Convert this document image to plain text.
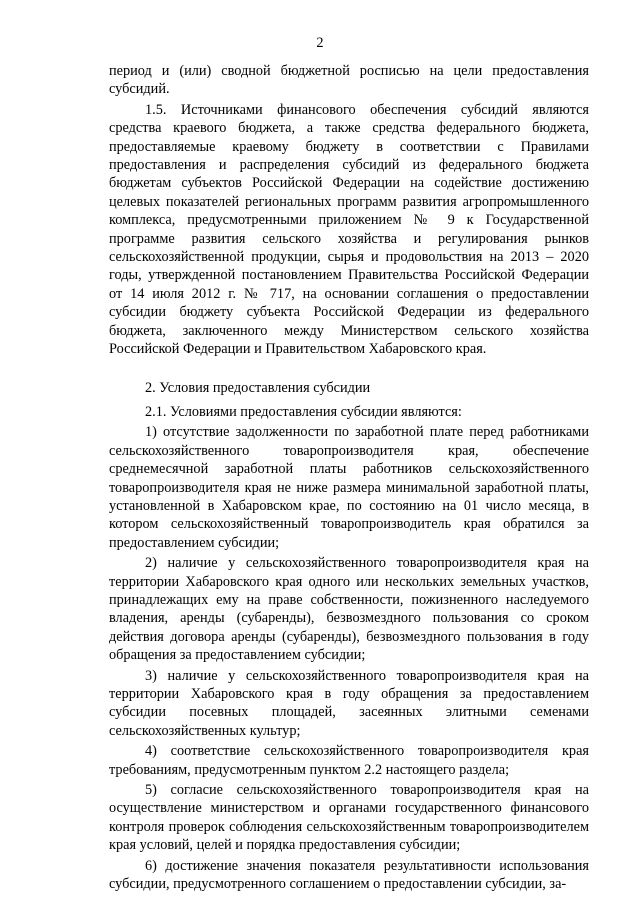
2

период и (или) сводной бюджетной росписью на цели предоставления субсидий.

1.5. Источниками финансового обеспечения субсидий являются средства краевого бюджета, а также средства федерального бюджета, предоставляемые краевому бюджету в соответствии с Правилами предоставления и распределения субсидий из федерального бюджета бюджетам субъектов Российской Федерации на содействие достижению целевых показателей региональных программ развития агропромышленного комплекса, предусмотренными приложением № 9 к Государственной программе развития сельского хозяйства и регулирования рынков сельскохозяйственной продукции, сырья и продовольствия на 2013 – 2020 годы, утвержденной постановлением Правительства Российской Федерации от 14 июля 2012 г. № 717, на основании соглашения о предоставлении субсидии бюджету субъекта Российской Федерации из федерального бюджета, заключенного между Министерством сельского хозяйства Российской Федерации и Правительством Хабаровского края.

2. Условия предоставления субсидии

2.1. Условиями предоставления субсидии являются:

1) отсутствие задолженности по заработной плате перед работниками сельскохозяйственного товаропроизводителя края, обеспечение среднемесячной заработной платы работников сельскохозяйственного товаропроизводителя края не ниже размера минимальной заработной платы, установленной в Хабаровском крае, по состоянию на 01 число месяца, в котором сельскохозяйственный товаропроизводитель края обратился за предоставлением субсидии;

2) наличие у сельскохозяйственного товаропроизводителя края на территории Хабаровского края одного или нескольких земельных участков, принадлежащих ему на праве собственности, пожизненного наследуемого владения, аренды (субаренды), безвозмездного пользования со сроком действия договора аренды (субаренды), безвозмездного пользования в году обращения за предоставлением субсидии;

3) наличие у сельскохозяйственного товаропроизводителя края на территории Хабаровского края в году обращения за предоставлением субсидии посевных площадей, засеянных элитными семенами сельскохозяйственных культур;

4) соответствие сельскохозяйственного товаропроизводителя края требованиям, предусмотренным пунктом 2.2 настоящего раздела;

5) согласие сельскохозяйственного товаропроизводителя края на осуществление министерством и органами государственного финансового контроля проверок соблюдения сельскохозяйственным товаропроизводителем края условий, целей и порядка предоставления субсидии;

6) достижение значения показателя результативности использования субсидии, предусмотренного соглашением о предоставлении субсидии, за-
